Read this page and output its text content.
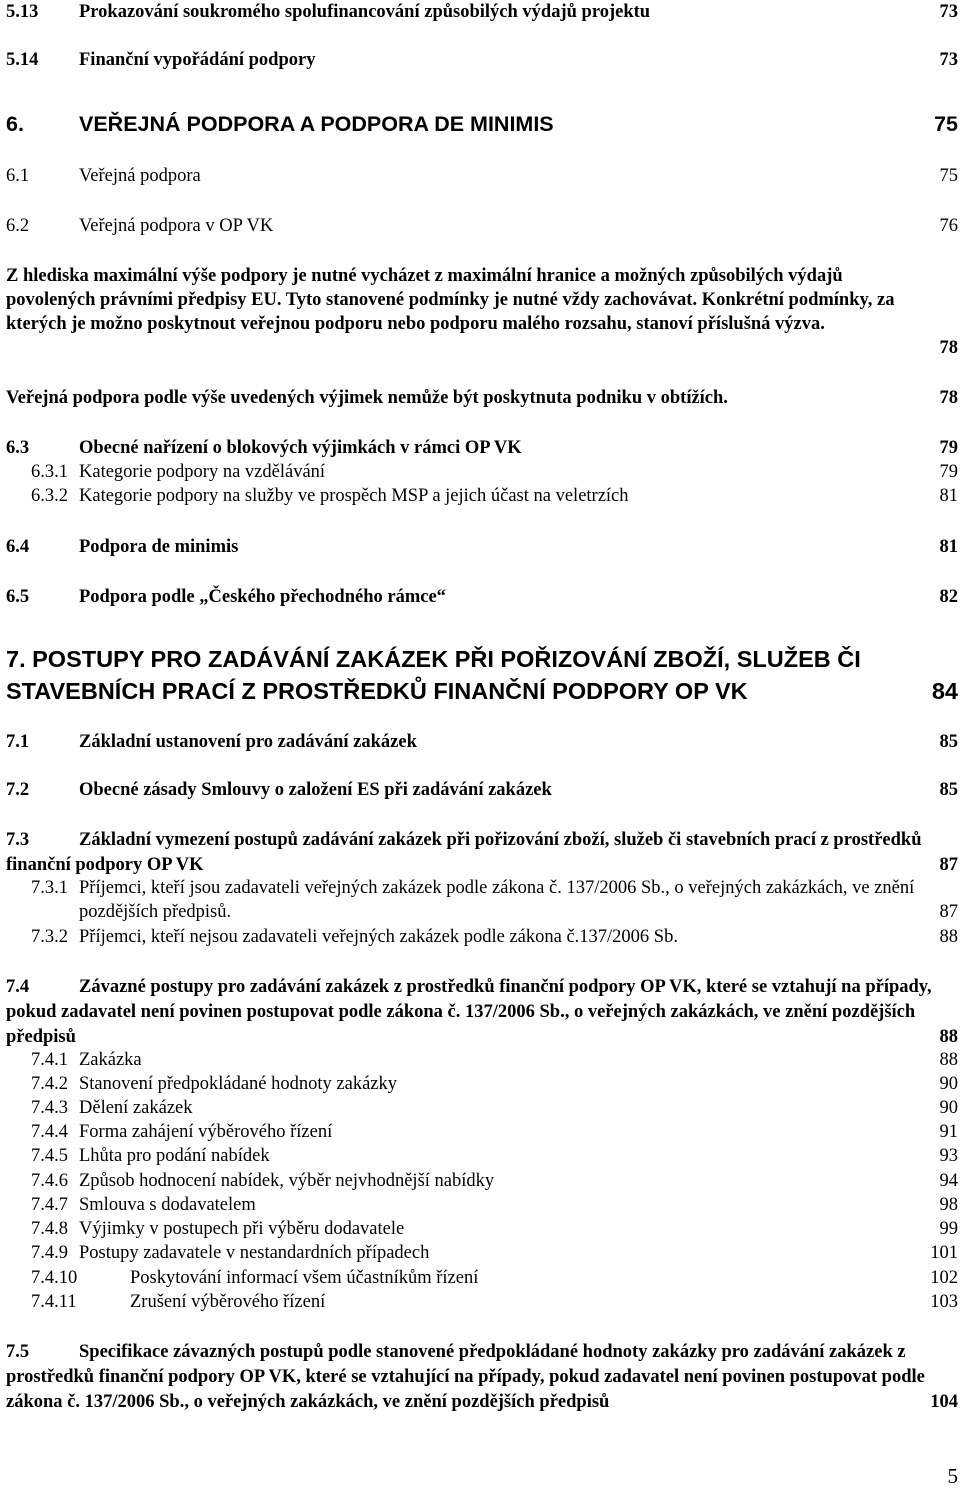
5.13 Prokazování soukromého spolufinancování způsobilých výdajů projektu	73
5.14 Finanční vypořádání podpory	73
6.	VEŘEJNÁ PODPORA A PODPORA DE MINIMIS	75
6.1	Veřejná podpora	75
6.2	Veřejná podpora v OP VK	76
Z hlediska maximální výše podpory je nutné vycházet z maximální hranice a možných způsobilých výdajů povolených právními předpisy EU. Tyto stanovené podmínky je nutné vždy zachovávat. Konkrétní podmínky, za kterých je možno poskytnout veřejnou podporu nebo podporu malého rozsahu, stanoví příslušná výzva.
78
Veřejná podpora podle výše uvedených výjimek nemůže být poskytnuta podniku v obtížích.	78
6.3	Obecné nařízení o blokových výjimkách v rámci OP VK	79
6.3.1 Kategorie podpory na vzdělávání	79
6.3.2 Kategorie podpory na služby ve prospěch MSP a jejich účast na veletrzích	81
6.4	Podpora de minimis	81
6.5	Podpora podle „Českého přechodného rámce“	82
7. POSTUPY PRO ZADÁVÁNÍ ZAKÁZEK PŘI POŘIZOVÁNÍ ZBOŽÍ, SLUŽEB ČI STAVEBNÍCH PRACÍ Z PROSTŘEDKŮ FINANČNÍ PODPORY OP VK	84
7.1	Základní ustanovení pro zadávání zakázek	85
7.2	Obecné zásady Smlouvy o založení ES při zadávání zakázek	85
7.3	Základní vymezení postupů zadávání zakázek při pořizování zboží, služeb či stavebních prací z prostředků finanční podpory OP VK	87
7.3.1 Příjemci, kteří jsou zadavateli veřejných zakázek podle zákona č. 137/2006 Sb., o veřejných zakázkách, ve znění pozdějších předpisů.	87
7.3.2 Příjemci, kteří nejsou zadavateli veřejných zakázek podle zákona č.137/2006 Sb.	88
7.4	Závazné postupy pro zadávání zakázek z prostředků finanční podpory OP VK, které se vztahují na případy, pokud zadavatel není povinen postupovat podle zákona č. 137/2006 Sb., o veřejných zakázkách, ve znění pozdějších předpisů	88
7.4.1 Zakázka	88
7.4.2 Stanovení předpokládané hodnoty zakázky	90
7.4.3 Dělení zakázek	90
7.4.4 Forma zahájení výběrového řízení	91
7.4.5 Lhůta pro podání nabídek	93
7.4.6 Způsob hodnocení nabídek, výběr nejvhodnější nabídky	94
7.4.7 Smlouva s dodavatelem	98
7.4.8 Výjimky v postupech při výběru dodavatele	99
7.4.9 Postupy zadavatele v nestandardních případech	101
7.4.10	Poskytování informací všem účastníkům řízení	102
7.4.11	Zrušení výběrového řízení	103
7.5	Specifikace závazných postupů podle stanovené předpokládané hodnoty zakázky pro zadávání zakázek z prostředků finanční podpory OP VK, které se vztahující na případy, pokud zadavatel není povinen postupovat podle zákona č. 137/2006 Sb., o veřejných zakázkách, ve znění pozdějších předpisů	104
5
